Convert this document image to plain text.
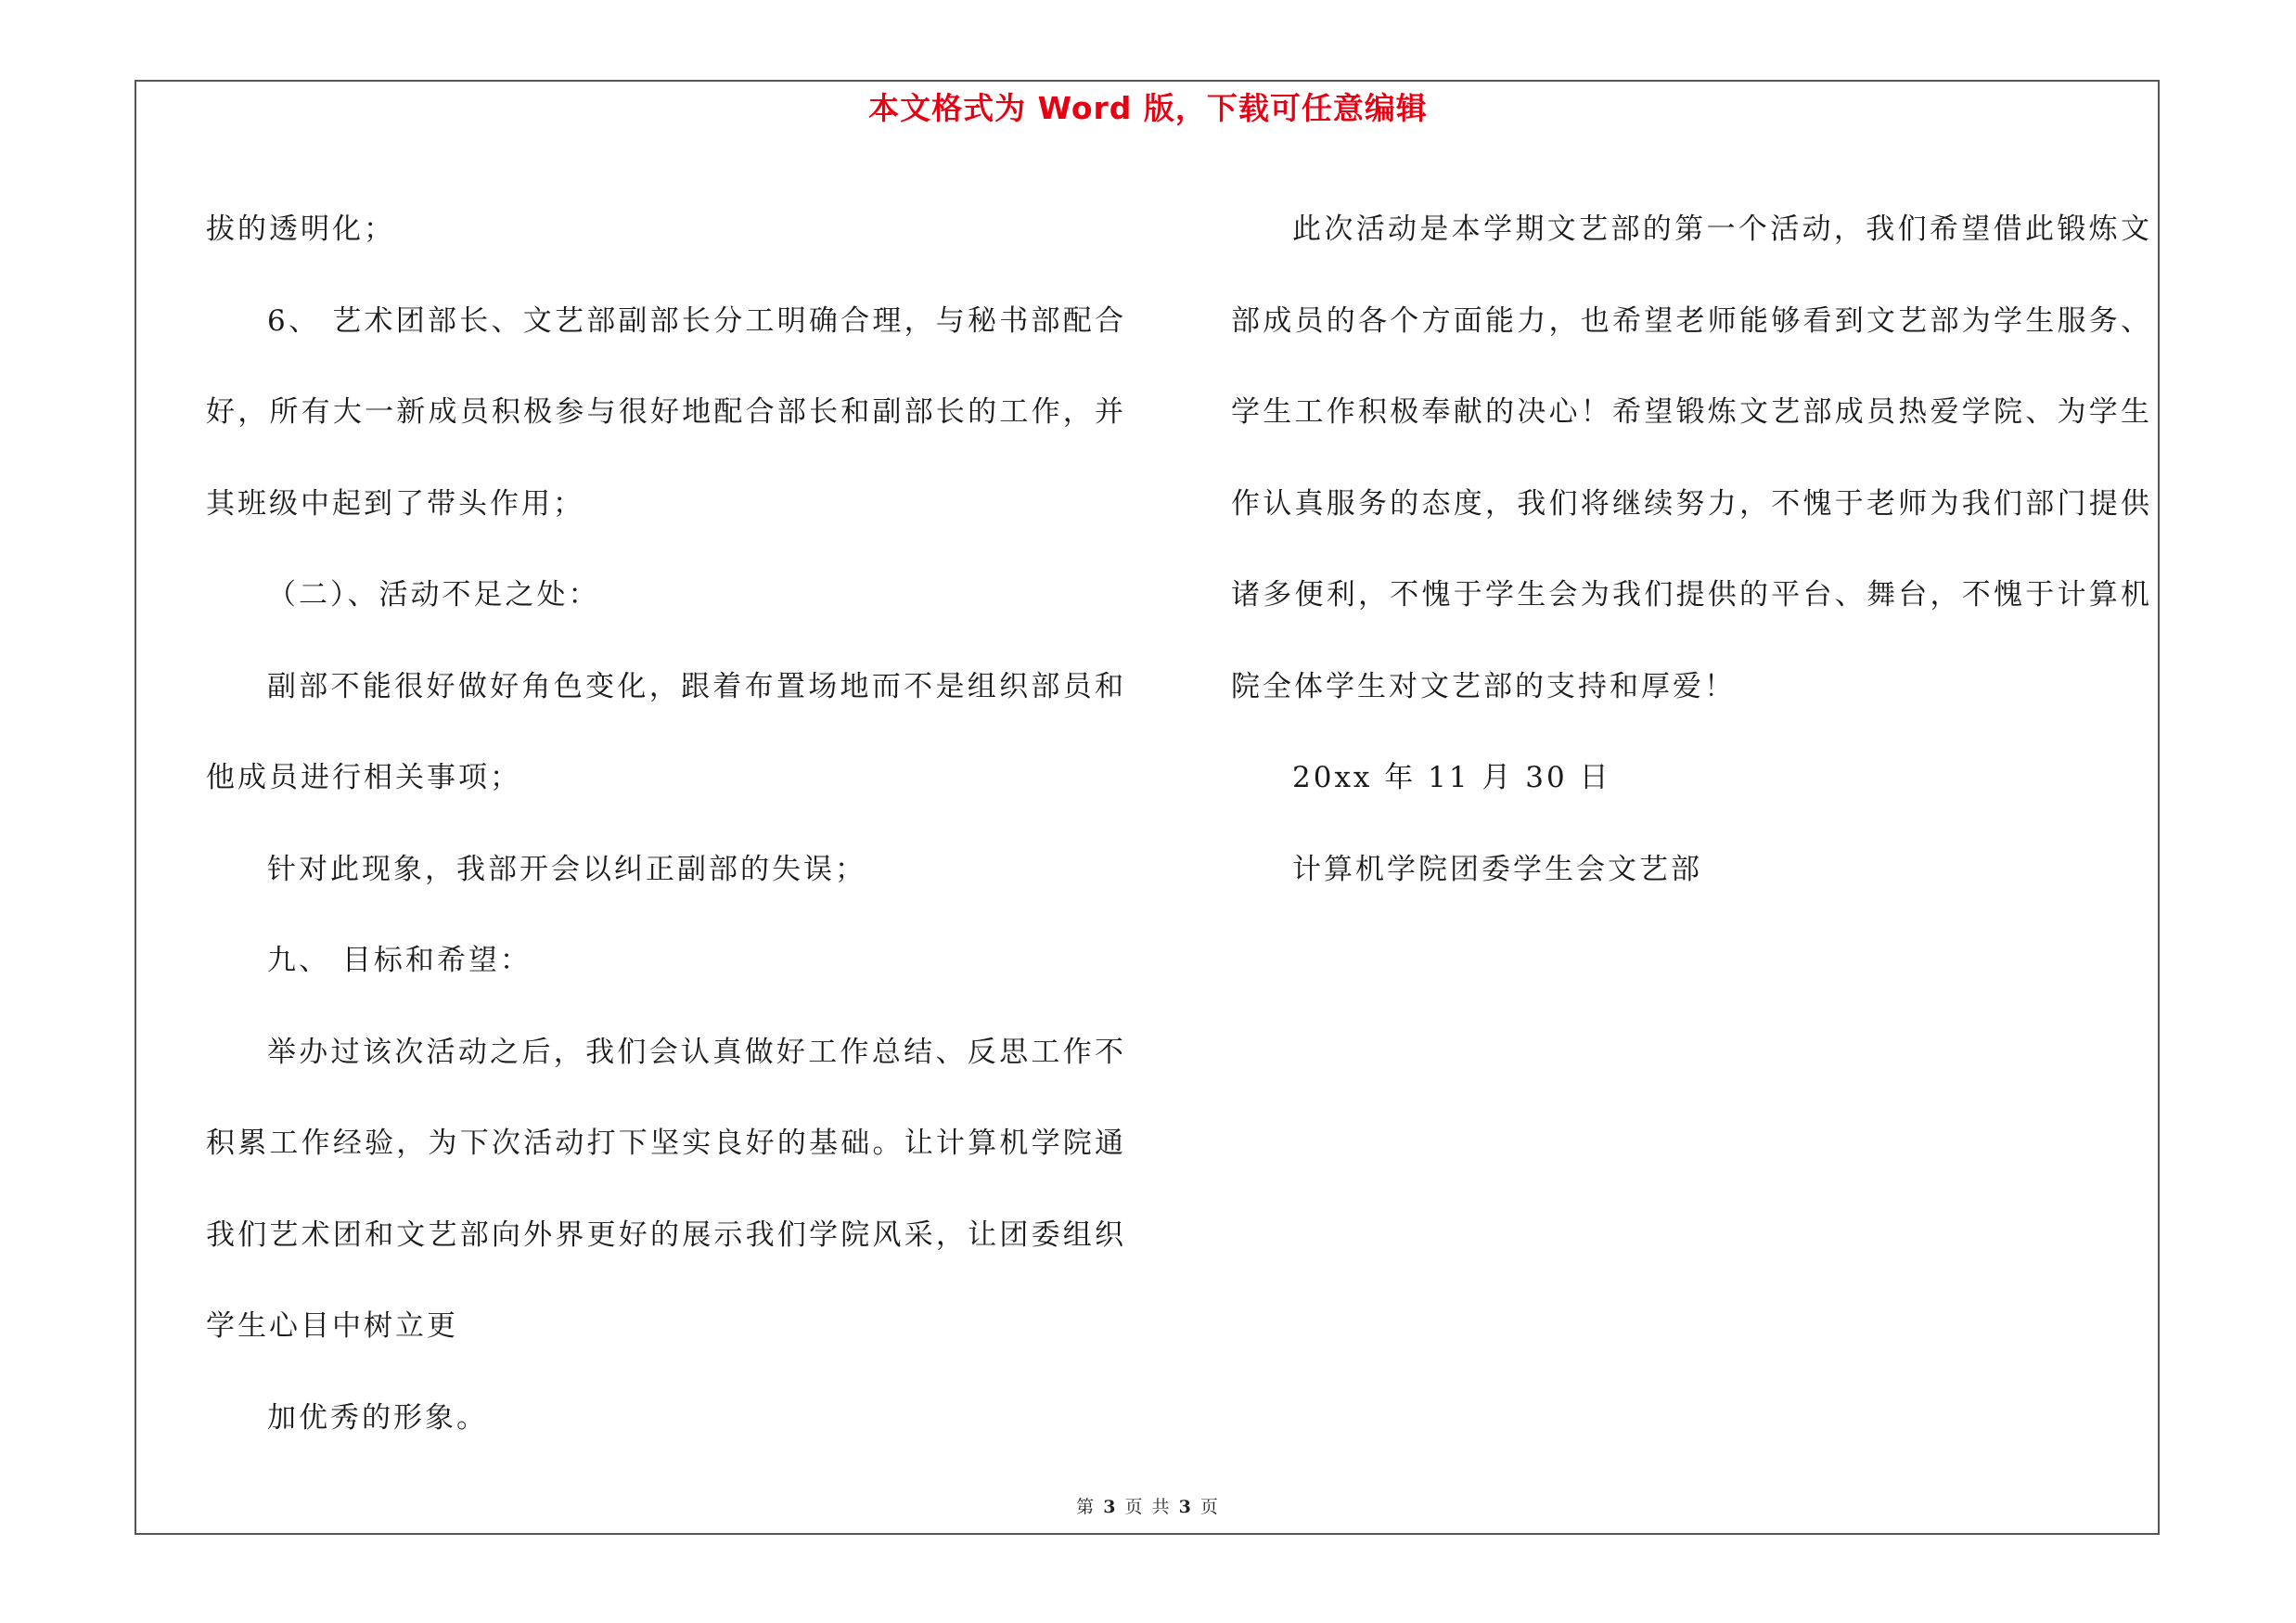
本文格式为 Word 版，下载可任意编辑
拔的透明化；
6、 艺术团部长、文艺部副部长分工明确合理，与秘书部配合
好，所有大一新成员积极参与很好地配合部长和副部长的工作，并
其班级中起到了带头作用；
（二）、活动不足之处：
副部不能很好做好角色变化，跟着布置场地而不是组织部员和
他成员进行相关事项；
针对此现象，我部开会以纠正副部的失误；
九、 目标和希望：
举办过该次活动之后，我们会认真做好工作总结、反思工作不
积累工作经验，为下次活动打下坚实良好的基础。让计算机学院通
我们艺术团和文艺部向外界更好的展示我们学院风采，让团委组织
学生心目中树立更
加优秀的形象。
此次活动是本学期文艺部的第一个活动，我们希望借此锻炼文
部成员的各个方面能力，也希望老师能够看到文艺部为学生服务、
学生工作积极奉献的决心！希望锻炼文艺部成员热爱学院、为学生
作认真服务的态度，我们将继续努力，不愧于老师为我们部门提供
诸多便利，不愧于学生会为我们提供的平台、舞台，不愧于计算机
院全体学生对文艺部的支持和厚爱！
20xx 年 11 月 30 日
计算机学院团委学生会文艺部
第 3 页 共 3 页
